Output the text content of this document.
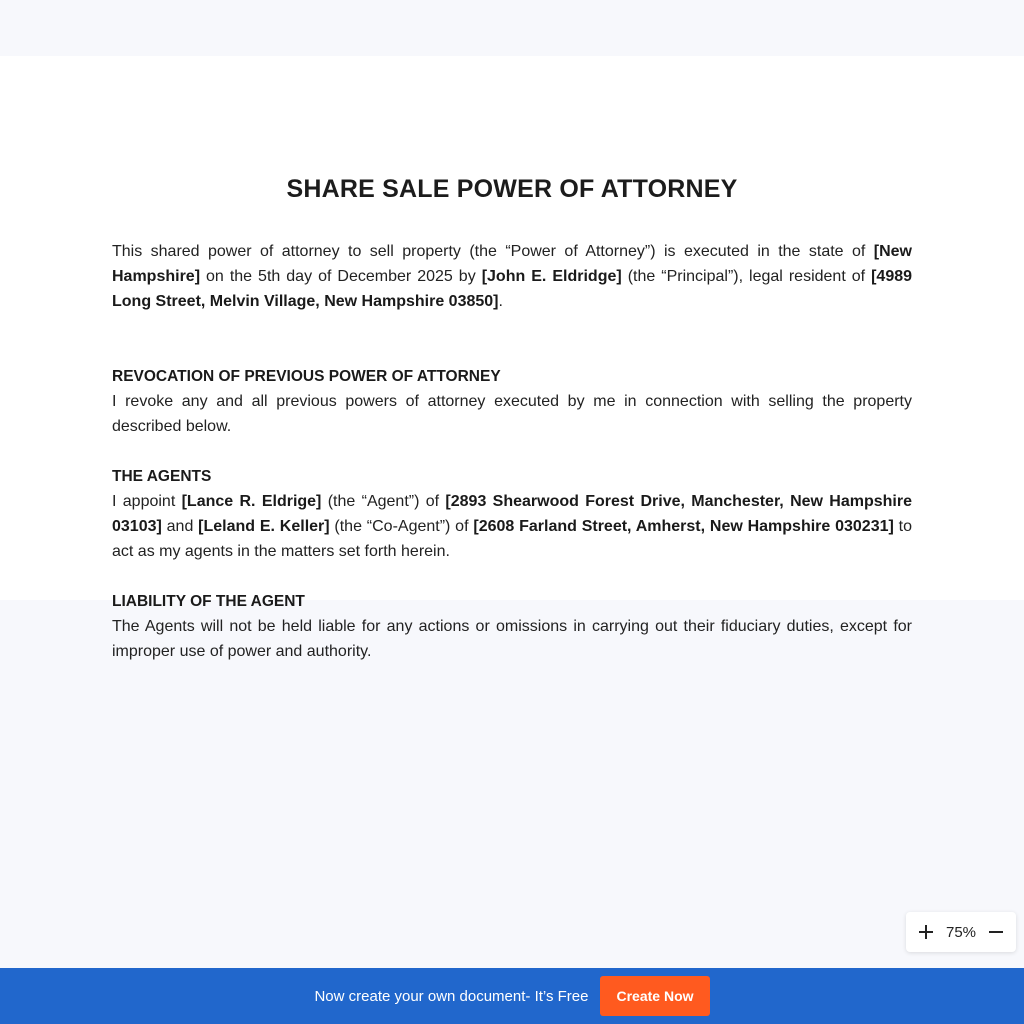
SHARE SALE POWER OF ATTORNEY

This shared power of attorney to sell property (the “Power of Attorney”) is executed in the state of [New Hampshire] on the 5th day of December 2025 by [John E. Eldridge] (the “Principal”), legal resident of [4989 Long Street, Melvin Village, New Hampshire 03850].

REVOCATION OF PREVIOUS POWER OF ATTORNEY

I revoke any and all previous powers of attorney executed by me in connection with selling the property described below.

THE AGENTS

I appoint [Lance R. Eldrige] (the “Agent”) of [2893 Shearwood Forest Drive, Manchester, New Hampshire 03103] and [Leland E. Keller] (the “Co-Agent”) of [2608 Farland Street, Amherst, New Hampshire 030231] to act as my agents in the matters set forth herein.

LIABILITY OF THE AGENT

The Agents will not be held liable for any actions or omissions in carrying out their fiduciary duties, except for improper use of power and authority.

75%
Now create your own document- It’s Free	Create Now
